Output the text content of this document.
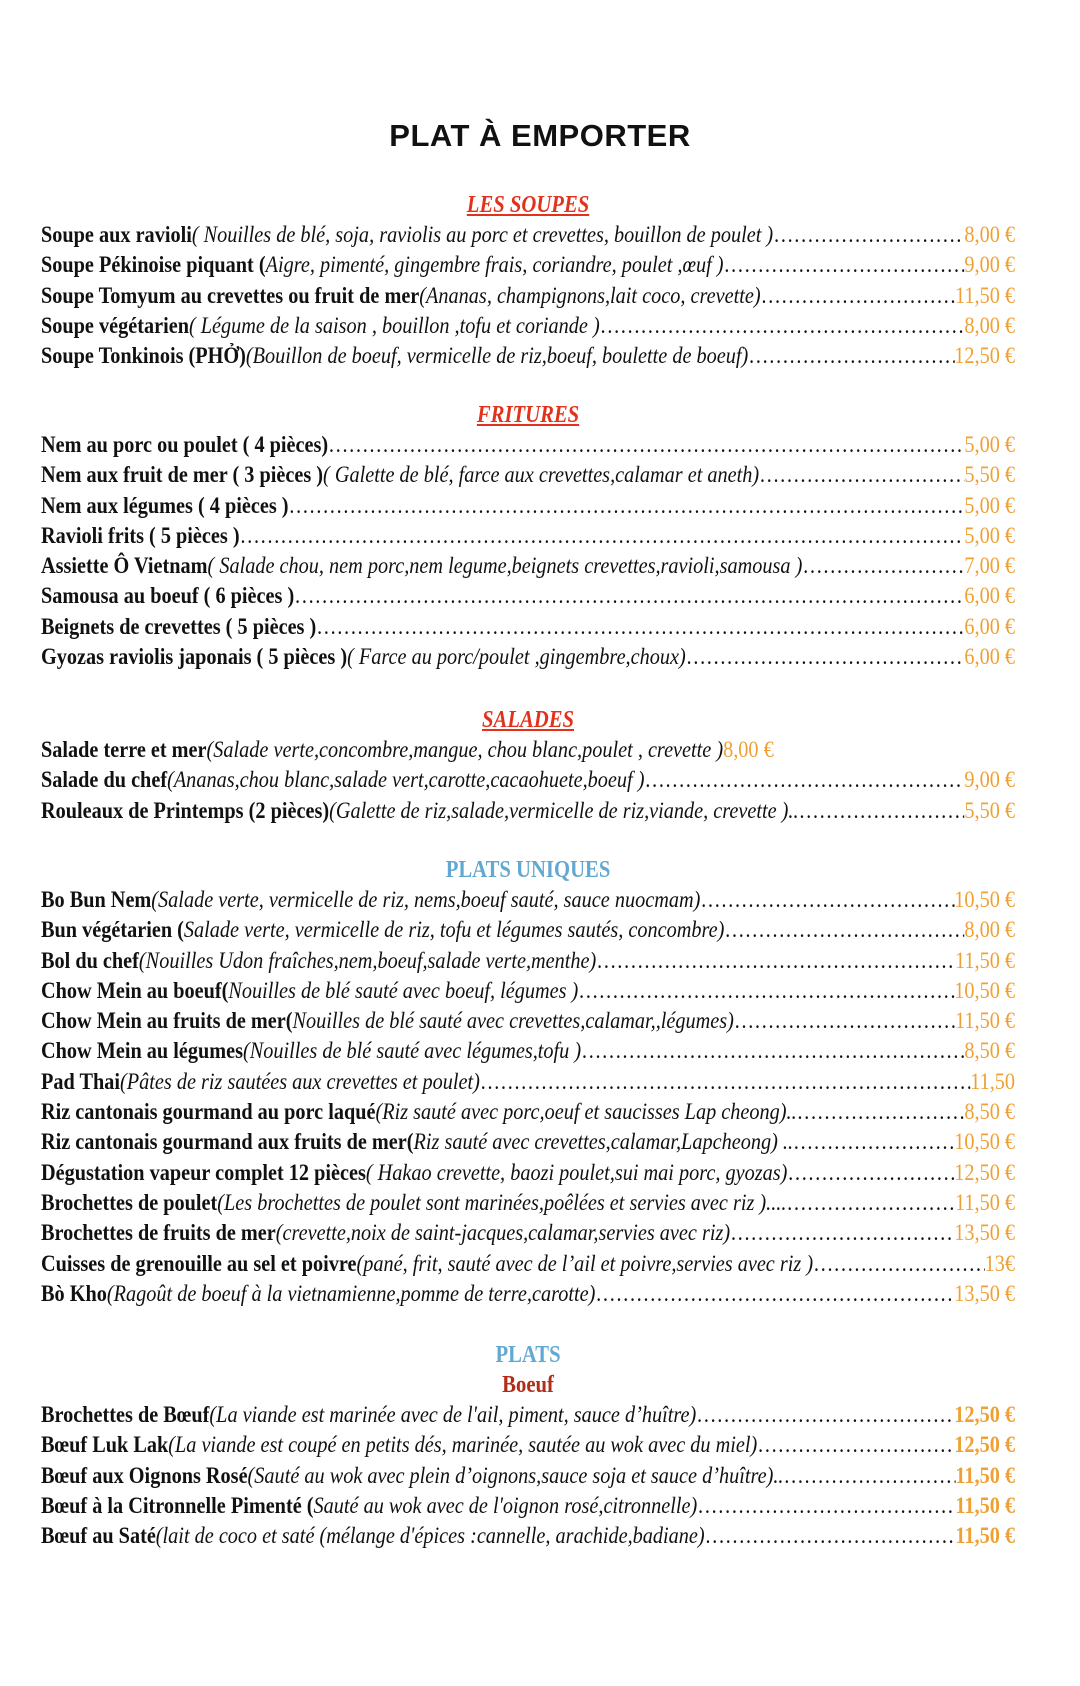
PLAT À EMPORTER
LES SOUPES
Soupe aux ravioli ( Nouilles de blé, soja, raviolis au porc et crevettes, bouillon de poulet ) ………………………………………………………………………………………………………………………………………………………………	8,00 €
Soupe Pékinoise piquant ( Aigre, pimenté, gingembre frais, coriandre, poulet ,œuf ) ………………………………………………………………………………………………………………………………………………………………	9,00 €
Soupe Tomyum au crevettes ou fruit de mer (Ananas, champignons,lait coco, crevette) ………………………………………………………………………………………………………………………………………………………………	11,50 €
Soupe végétarien ( Légume de la saison , bouillon ,tofu et coriande ) ………………………………………………………………………………………………………………………………………………………………	8,00 €
Soupe Tonkinois (PHỞ) (Bouillon de boeuf, vermicelle de riz,boeuf, boulette de boeuf) ………………………………………………………………………………………………………………………………………………………………	12,50 €
FRITURES
Nem au porc ou poulet ( 4 pièces) ………………………………………………………………………………………………………………………………………………………………	5,00 €
Nem aux fruit de mer ( 3 pièces ) ( Galette de blé, farce aux crevettes,calamar et aneth) ………………………………………………………………………………………………………………………………………………………………	5,50 €
Nem aux légumes ( 4 pièces ) ………………………………………………………………………………………………………………………………………………………………	5,00 €
Ravioli frits ( 5 pièces ) ………………………………………………………………………………………………………………………………………………………………	5,00 €
Assiette Ô Vietnam ( Salade chou, nem porc,nem legume,beignets crevettes,ravioli,samousa ) ………………………………………………………………………………………………………………………………………………………………	7,00 €
Samousa au boeuf ( 6 pièces ) ………………………………………………………………………………………………………………………………………………………………	6,00 €
Beignets de crevettes ( 5 pièces ) ………………………………………………………………………………………………………………………………………………………………	6,00 €
Gyozas raviolis japonais ( 5 pièces ) ( Farce au porc/poulet ,gingembre,choux) ………………………………………………………………………………………………………………………………………………………………	6,00 €
SALADES
Salade terre et mer (Salade verte,concombre,mangue, chou blanc,poulet , crevette ) 8,00 €
Salade du chef (Ananas,chou blanc,salade vert,carotte,cacaohuete,boeuf ) ………………………………………………………………………………………………………………………………………………………………	9,00 €
Rouleaux de Printemps (2 pièces) (Galette de riz,salade,vermicelle de riz,viande, crevette ).. ………………………………………………………………………………………………………………………………………………………………	5,50 €
PLATS UNIQUES
Bo Bun Nem (Salade verte, vermicelle de riz, nems,boeuf sauté, sauce nuocmam) ………………………………………………………………………………………………………………………………………………………………	10,50 €
Bun végétarien ( Salade verte, vermicelle de riz, tofu et légumes sautés, concombre) ………………………………………………………………………………………………………………………………………………………………	8,00 €
Bol du chef (Nouilles Udon fraîches,nem,boeuf,salade verte,menthe) ………………………………………………………………………………………………………………………………………………………………	11,50 €
Chow Mein au boeuf( Nouilles de blé sauté avec boeuf, légumes ) ………………………………………………………………………………………………………………………………………………………………	10,50 €
Chow Mein au fruits de mer( Nouilles de blé sauté avec crevettes,calamar,,légumes) ………………………………………………………………………………………………………………………………………………………………	11,50 €
Chow Mein au légumes (Nouilles de blé sauté avec légumes,tofu ) ………………………………………………………………………………………………………………………………………………………………	8,50 €
Pad Thai (Pâtes de riz sautées aux crevettes et poulet) ………………………………………………………………………………………………………………………………………………………………	11,50
Riz cantonais gourmand au porc laqué (Riz sauté avec porc,oeuf et saucisses Lap cheong).. ………………………………………………………………………………………………………………………………………………………………	8,50 €
Riz cantonais gourmand aux fruits de mer( Riz sauté avec crevettes,calamar,Lapcheong) .. ………………………………………………………………………………………………………………………………………………………………	10,50 €
Dégustation vapeur complet 12 pièces ( Hakao crevette, baozi poulet,sui mai porc, gyozas) ………………………………………………………………………………………………………………………………………………………………	12,50 €
Brochettes de poulet (Les brochettes de poulet sont marinées,poêlées et servies avec riz ).... ………………………………………………………………………………………………………………………………………………………………	11,50 €
Brochettes de fruits de mer (crevette,noix de saint-jacques,calamar,servies avec riz) ………………………………………………………………………………………………………………………………………………………………	13,50 €
Cuisses de grenouille au sel et poivre (pané, frit, sauté avec de l’ail et poivre,servies avec riz ) ………………………………………………………………………………………………………………………………………………………………	13€
Bò Kho (Ragoût de boeuf à la vietnamienne,pomme de terre,carotte) ………………………………………………………………………………………………………………………………………………………………	13,50 €
PLATS
Boeuf
Brochettes de Bœuf (La viande est marinée avec de l'ail, piment, sauce d’huître) ………………………………………………………………………………………………………………………………………………………………	12,50 €
Bœuf Luk Lak (La viande est coupé en petits dés, marinée, sautée au wok avec du miel) ………………………………………………………………………………………………………………………………………………………………	12,50 €
Bœuf aux Oignons Rosé (Sauté au wok avec plein d’oignons,sauce soja et sauce d’huître).. ………………………………………………………………………………………………………………………………………………………………	11,50 €
Bœuf à la Citronnelle Pimenté ( Sauté au wok avec de l'oignon rosé,citronnelle) ………………………………………………………………………………………………………………………………………………………………	11,50 €
Bœuf au Saté (lait de coco et saté (mélange d'épices :cannelle, arachide,badiane) ………………………………………………………………………………………………………………………………………………………………	11,50 €
